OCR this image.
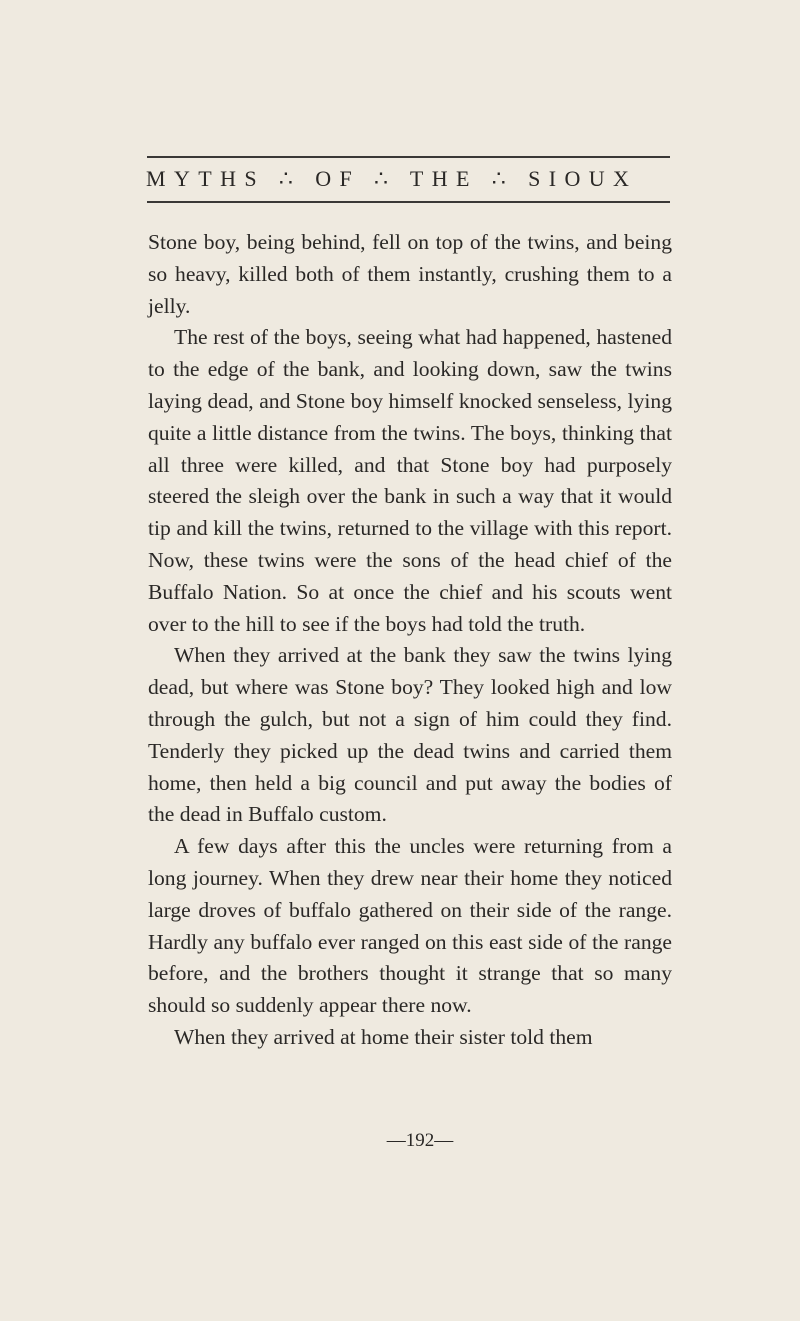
MYTHS ∴ OF ∴ THE ∴ SIOUX

Stone boy, being behind, fell on top of the twins, and being so heavy, killed both of them instantly, crushing them to a jelly.

The rest of the boys, seeing what had happened, hastened to the edge of the bank, and looking down, saw the twins laying dead, and Stone boy himself knocked senseless, lying quite a little distance from the twins. The boys, thinking that all three were killed, and that Stone boy had purposely steered the sleigh over the bank in such a way that it would tip and kill the twins, returned to the village with this report. Now, these twins were the sons of the head chief of the Buffalo Nation. So at once the chief and his scouts went over to the hill to see if the boys had told the truth.

When they arrived at the bank they saw the twins lying dead, but where was Stone boy? They looked high and low through the gulch, but not a sign of him could they find. Tenderly they picked up the dead twins and carried them home, then held a big council and put away the bodies of the dead in Buffalo custom.

A few days after this the uncles were returning from a long journey. When they drew near their home they noticed large droves of buffalo gathered on their side of the range. Hardly any buffalo ever ranged on this east side of the range before, and the brothers thought it strange that so many should so suddenly appear there now.

When they arrived at home their sister told them

—192—
